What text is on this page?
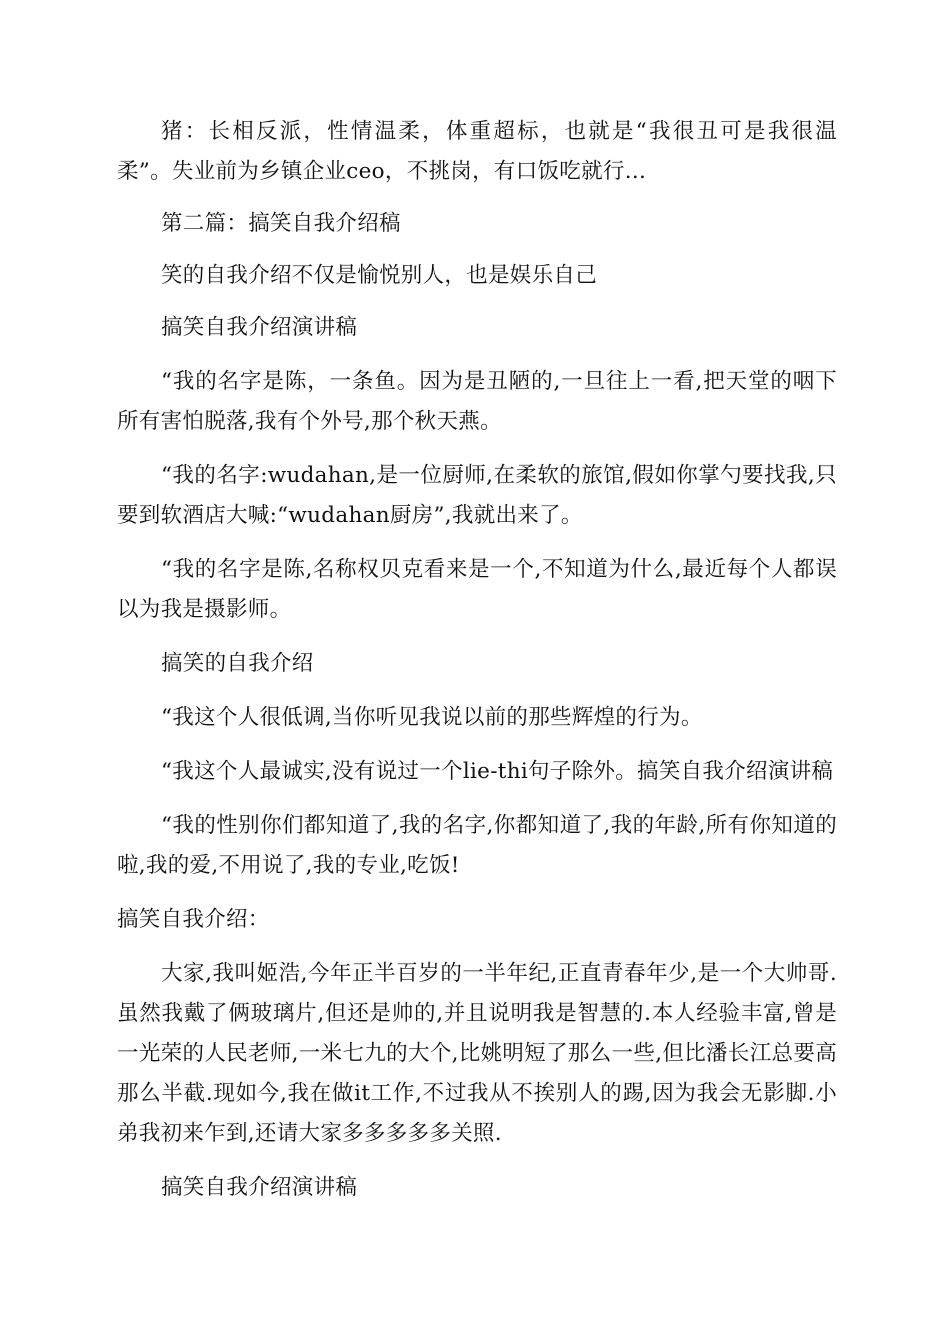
猪：长相反派，性情温柔，体重超标，也就是“我很丑可是我很温柔”。失业前为乡镇企业ceo，不挑岗，有口饭吃就行...

第二篇：搞笑自我介绍稿

笑的自我介绍不仅是愉悦别人，也是娱乐自己

搞笑自我介绍演讲稿

“我的名字是陈，一条鱼。因为是丑陋的,一旦往上一看,把天堂的咽下所有害怕脱落,我有个外号,那个秋天燕。

“我的名字:wudahan,是一位厨师,在柔软的旅馆,假如你掌勺要找我,只要到软酒店大喊:“wudahan厨房”,我就出来了。

“我的名字是陈,名称权贝克看来是一个,不知道为什么,最近每个人都误以为我是摄影师。

搞笑的自我介绍

“我这个人很低调,当你听见我说以前的那些辉煌的行为。

“我这个人最诚实,没有说过一个lie-thi句子除外。搞笑自我介绍演讲稿

“我的性别你们都知道了,我的名字,你都知道了,我的年龄,所有你知道的啦,我的爱,不用说了,我的专业,吃饭!

搞笑自我介绍：

大家,我叫姬浩,今年正半百岁的一半年纪,正直青春年少,是一个大帅哥.虽然我戴了俩玻璃片,但还是帅的,并且说明我是智慧的.本人经验丰富,曾是一光荣的人民老师,一米七九的大个,比姚明短了那么一些,但比潘长江总要高那么半截.现如今,我在做it工作,不过我从不挨别人的踢,因为我会无影脚.小弟我初来乍到,还请大家多多多多多关照.

搞笑自我介绍演讲稿
